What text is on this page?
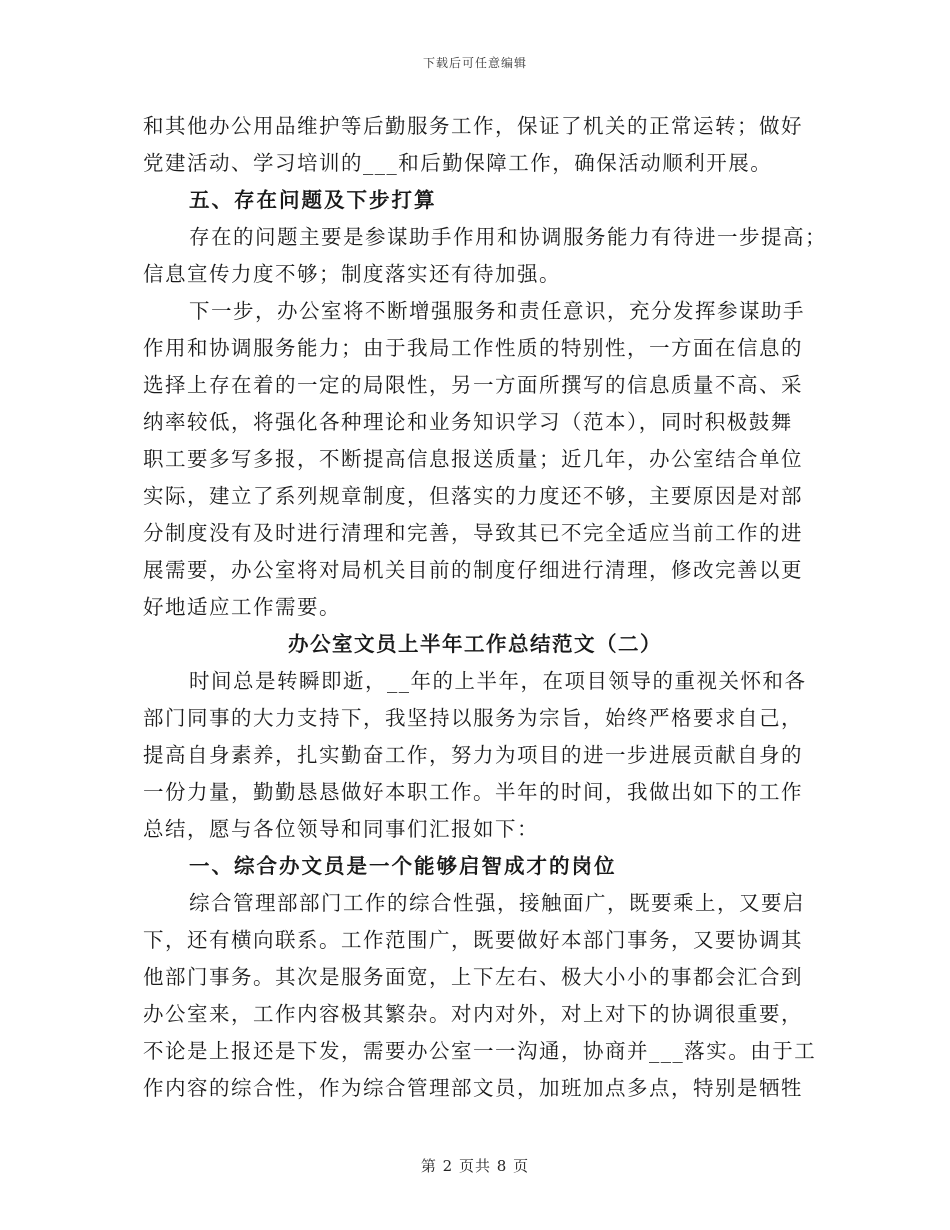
下载后可任意编辑
和其他办公用品维护等后勤服务工作，保证了机关的正常运转；做好
党建活动、学习培训的___和后勤保障工作，确保活动顺利开展。
五、存在问题及下步打算
存在的问题主要是参谋助手作用和协调服务能力有待进一步提高；
信息宣传力度不够；制度落实还有待加强。
下一步，办公室将不断增强服务和责任意识，充分发挥参谋助手
作用和协调服务能力；由于我局工作性质的特别性，一方面在信息的
选择上存在着的一定的局限性，另一方面所撰写的信息质量不高、采
纳率较低，将强化各种理论和业务知识学习（范本），同时积极鼓舞
职工要多写多报，不断提高信息报送质量；近几年，办公室结合单位
实际，建立了系列规章制度，但落实的力度还不够，主要原因是对部
分制度没有及时进行清理和完善，导致其已不完全适应当前工作的进
展需要，办公室将对局机关目前的制度仔细进行清理，修改完善以更
好地适应工作需要。
办公室文员上半年工作总结范文（二）
时间总是转瞬即逝，__年的上半年，在项目领导的重视关怀和各
部门同事的大力支持下，我坚持以服务为宗旨，始终严格要求自己，
提高自身素养，扎实勤奋工作，努力为项目的进一步进展贡献自身的
一份力量，勤勤恳恳做好本职工作。半年的时间，我做出如下的工作
总结，愿与各位领导和同事们汇报如下：
一、综合办文员是一个能够启智成才的岗位
综合管理部部门工作的综合性强，接触面广，既要乘上，又要启
下，还有横向联系。工作范围广，既要做好本部门事务，又要协调其
他部门事务。其次是服务面宽，上下左右、极大小小的事都会汇合到
办公室来，工作内容极其繁杂。对内对外，对上对下的协调很重要，
不论是上报还是下发，需要办公室一一沟通，协商并___落实。由于工
作内容的综合性，作为综合管理部文员，加班加点多点，特别是牺牲
第 2 页共 8 页
